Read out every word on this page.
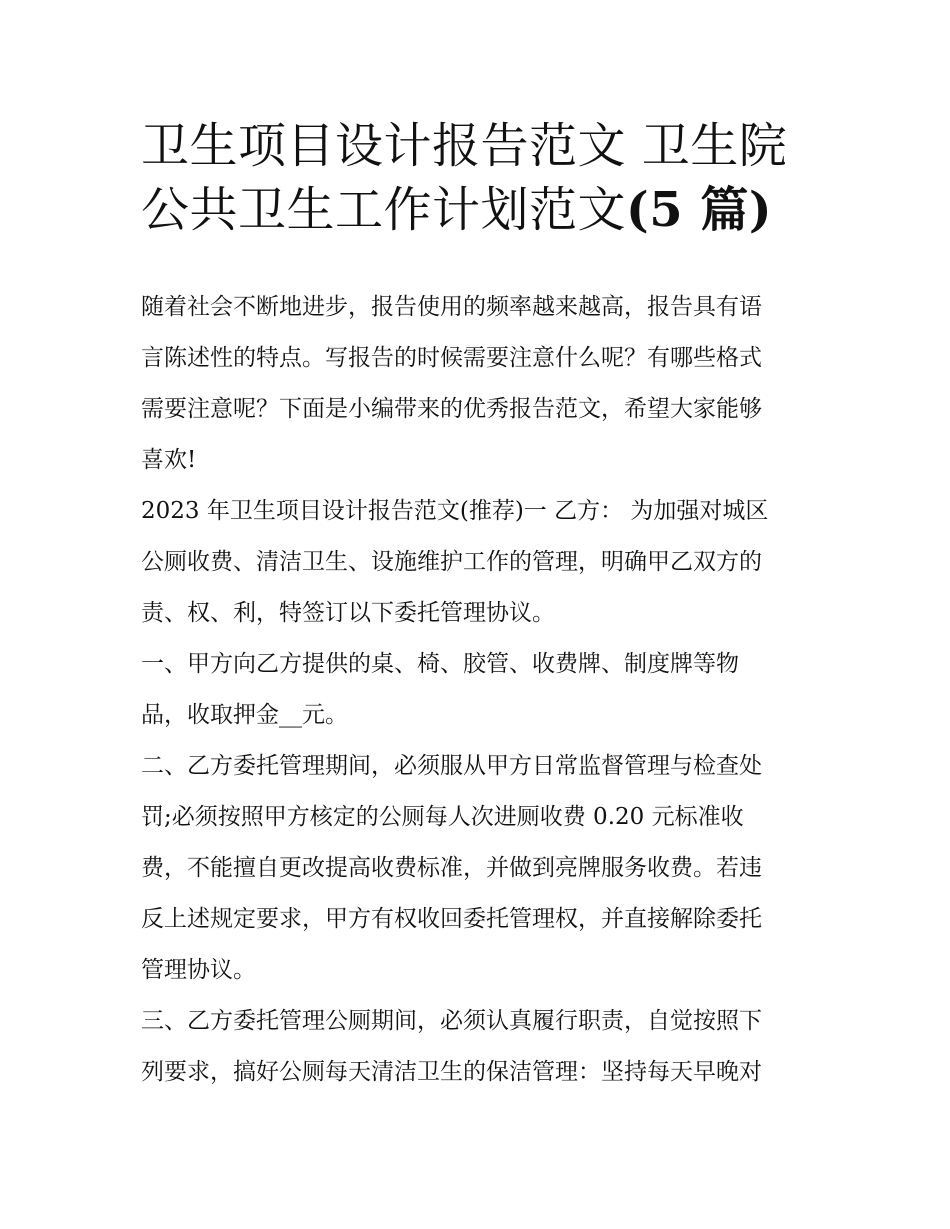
卫生项目设计报告范文 卫生院
公共卫生工作计划范文(5 篇)
随着社会不断地进步，报告使用的频率越来越高，报告具有语
言陈述性的特点。写报告的时候需要注意什么呢？有哪些格式
需要注意呢？下面是小编带来的优秀报告范文，希望大家能够
喜欢!
2023 年卫生项目设计报告范文(推荐)一 乙方： 为加强对城区
公厕收费、清洁卫生、设施维护工作的管理，明确甲乙双方的
责、权、利，特签订以下委托管理协议。
一、甲方向乙方提供的桌、椅、胶管、收费牌、制度牌等物
品，收取押金__元。
二、乙方委托管理期间，必须服从甲方日常监督管理与检查处
罚;必须按照甲方核定的公厕每人次进厕收费 0.20 元标准收
费，不能擅自更改提高收费标准，并做到亮牌服务收费。若违
反上述规定要求，甲方有权收回委托管理权，并直接解除委托
管理协议。
三、乙方委托管理公厕期间，必须认真履行职责，自觉按照下
列要求，搞好公厕每天清洁卫生的保洁管理：坚持每天早晚对
